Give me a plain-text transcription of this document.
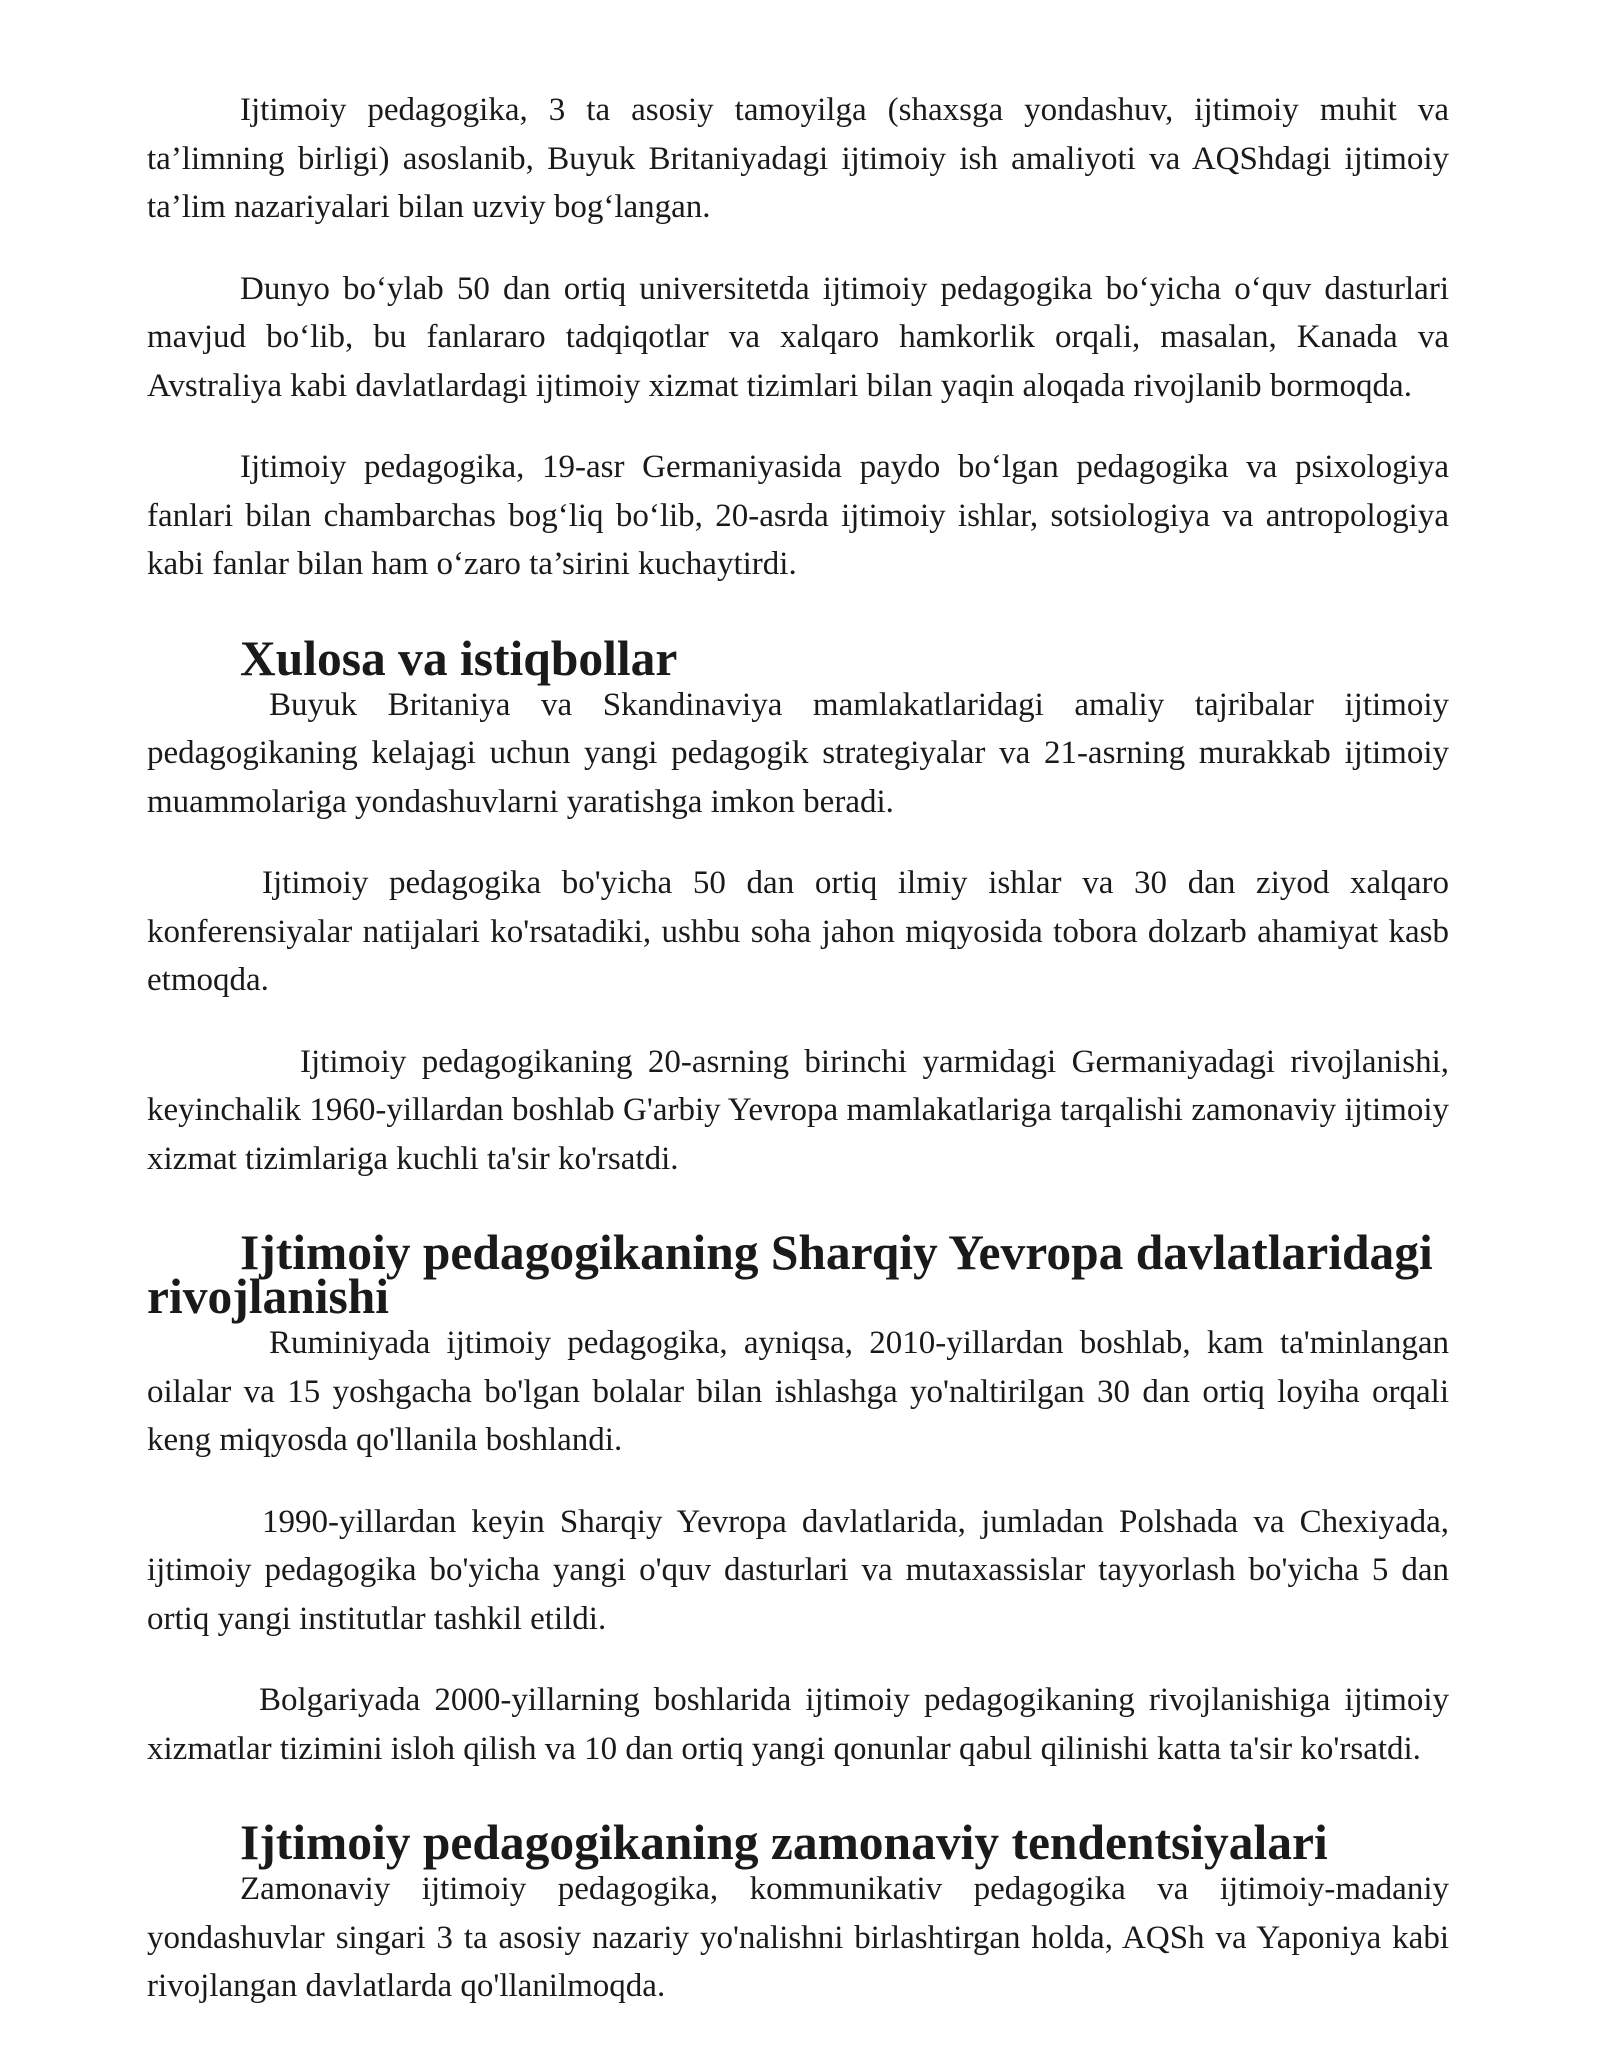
Ijtimoiy pedagogika, 3 ta asosiy tamoyilga (shaxsga yondashuv, ijtimoiy muhit va ta’limning birligi) asoslanib, Buyuk Britaniyadagi ijtimoiy ish amaliyoti va AQShdagi ijtimoiy ta’lim nazariyalari bilan uzviy bog‘langan.

Dunyo bo‘ylab 50 dan ortiq universitetda ijtimoiy pedagogika bo‘yicha o‘quv dasturlari mavjud bo‘lib, bu fanlararo tadqiqotlar va xalqaro hamkorlik orqali, masalan, Kanada va Avstraliya kabi davlatlardagi ijtimoiy xizmat tizimlari bilan yaqin aloqada rivojlanib bormoqda.

Ijtimoiy pedagogika, 19-asr Germaniyasida paydo bo‘lgan pedagogika va psixologiya fanlari bilan chambarchas bog‘liq bo‘lib, 20-asrda ijtimoiy ishlar, sotsiologiya va antropologiya kabi fanlar bilan ham o‘zaro ta’sirini kuchaytirdi.

Xulosa va istiqbollar

Buyuk Britaniya va Skandinaviya mamlakatlaridagi amaliy tajribalar ijtimoiy pedagogikaning kelajagi uchun yangi pedagogik strategiyalar va 21-asrning murakkab ijtimoiy muammolariga yondashuvlarni yaratishga imkon beradi.

Ijtimoiy pedagogika bo'yicha 50 dan ortiq ilmiy ishlar va 30 dan ziyod xalqaro konferensiyalar natijalari ko'rsatadiki, ushbu soha jahon miqyosida tobora dolzarb ahamiyat kasb etmoqda.

Ijtimoiy pedagogikaning 20-asrning birinchi yarmidagi Germaniyadagi rivojlanishi, keyinchalik 1960-yillardan boshlab G'arbiy Yevropa mamlakatlariga tarqalishi zamonaviy ijtimoiy xizmat tizimlariga kuchli ta'sir ko'rsatdi.

Ijtimoiy pedagogikaning Sharqiy Yevropa davlatlaridagi rivojlanishi

Ruminiyada ijtimoiy pedagogika, ayniqsa, 2010-yillardan boshlab, kam ta'minlangan oilalar va 15 yoshgacha bo'lgan bolalar bilan ishlashga yo'naltirilgan 30 dan ortiq loyiha orqali keng miqyosda qo'llanila boshlandi.

1990-yillardan keyin Sharqiy Yevropa davlatlarida, jumladan Polshada va Chexiyada, ijtimoiy pedagogika bo'yicha yangi o'quv dasturlari va mutaxassislar tayyorlash bo'yicha 5 dan ortiq yangi institutlar tashkil etildi.

Bolgariyada 2000-yillarning boshlarida ijtimoiy pedagogikaning rivojlanishiga ijtimoiy xizmatlar tizimini isloh qilish va 10 dan ortiq yangi qonunlar qabul qilinishi katta ta'sir ko'rsatdi.

Ijtimoiy pedagogikaning zamonaviy tendentsiyalari

Zamonaviy ijtimoiy pedagogika, kommunikativ pedagogika va ijtimoiy-madaniy yondashuvlar singari 3 ta asosiy nazariy yo'nalishni birlashtirgan holda, AQSh va Yaponiya kabi rivojlangan davlatlarda qo'llanilmoqda.
